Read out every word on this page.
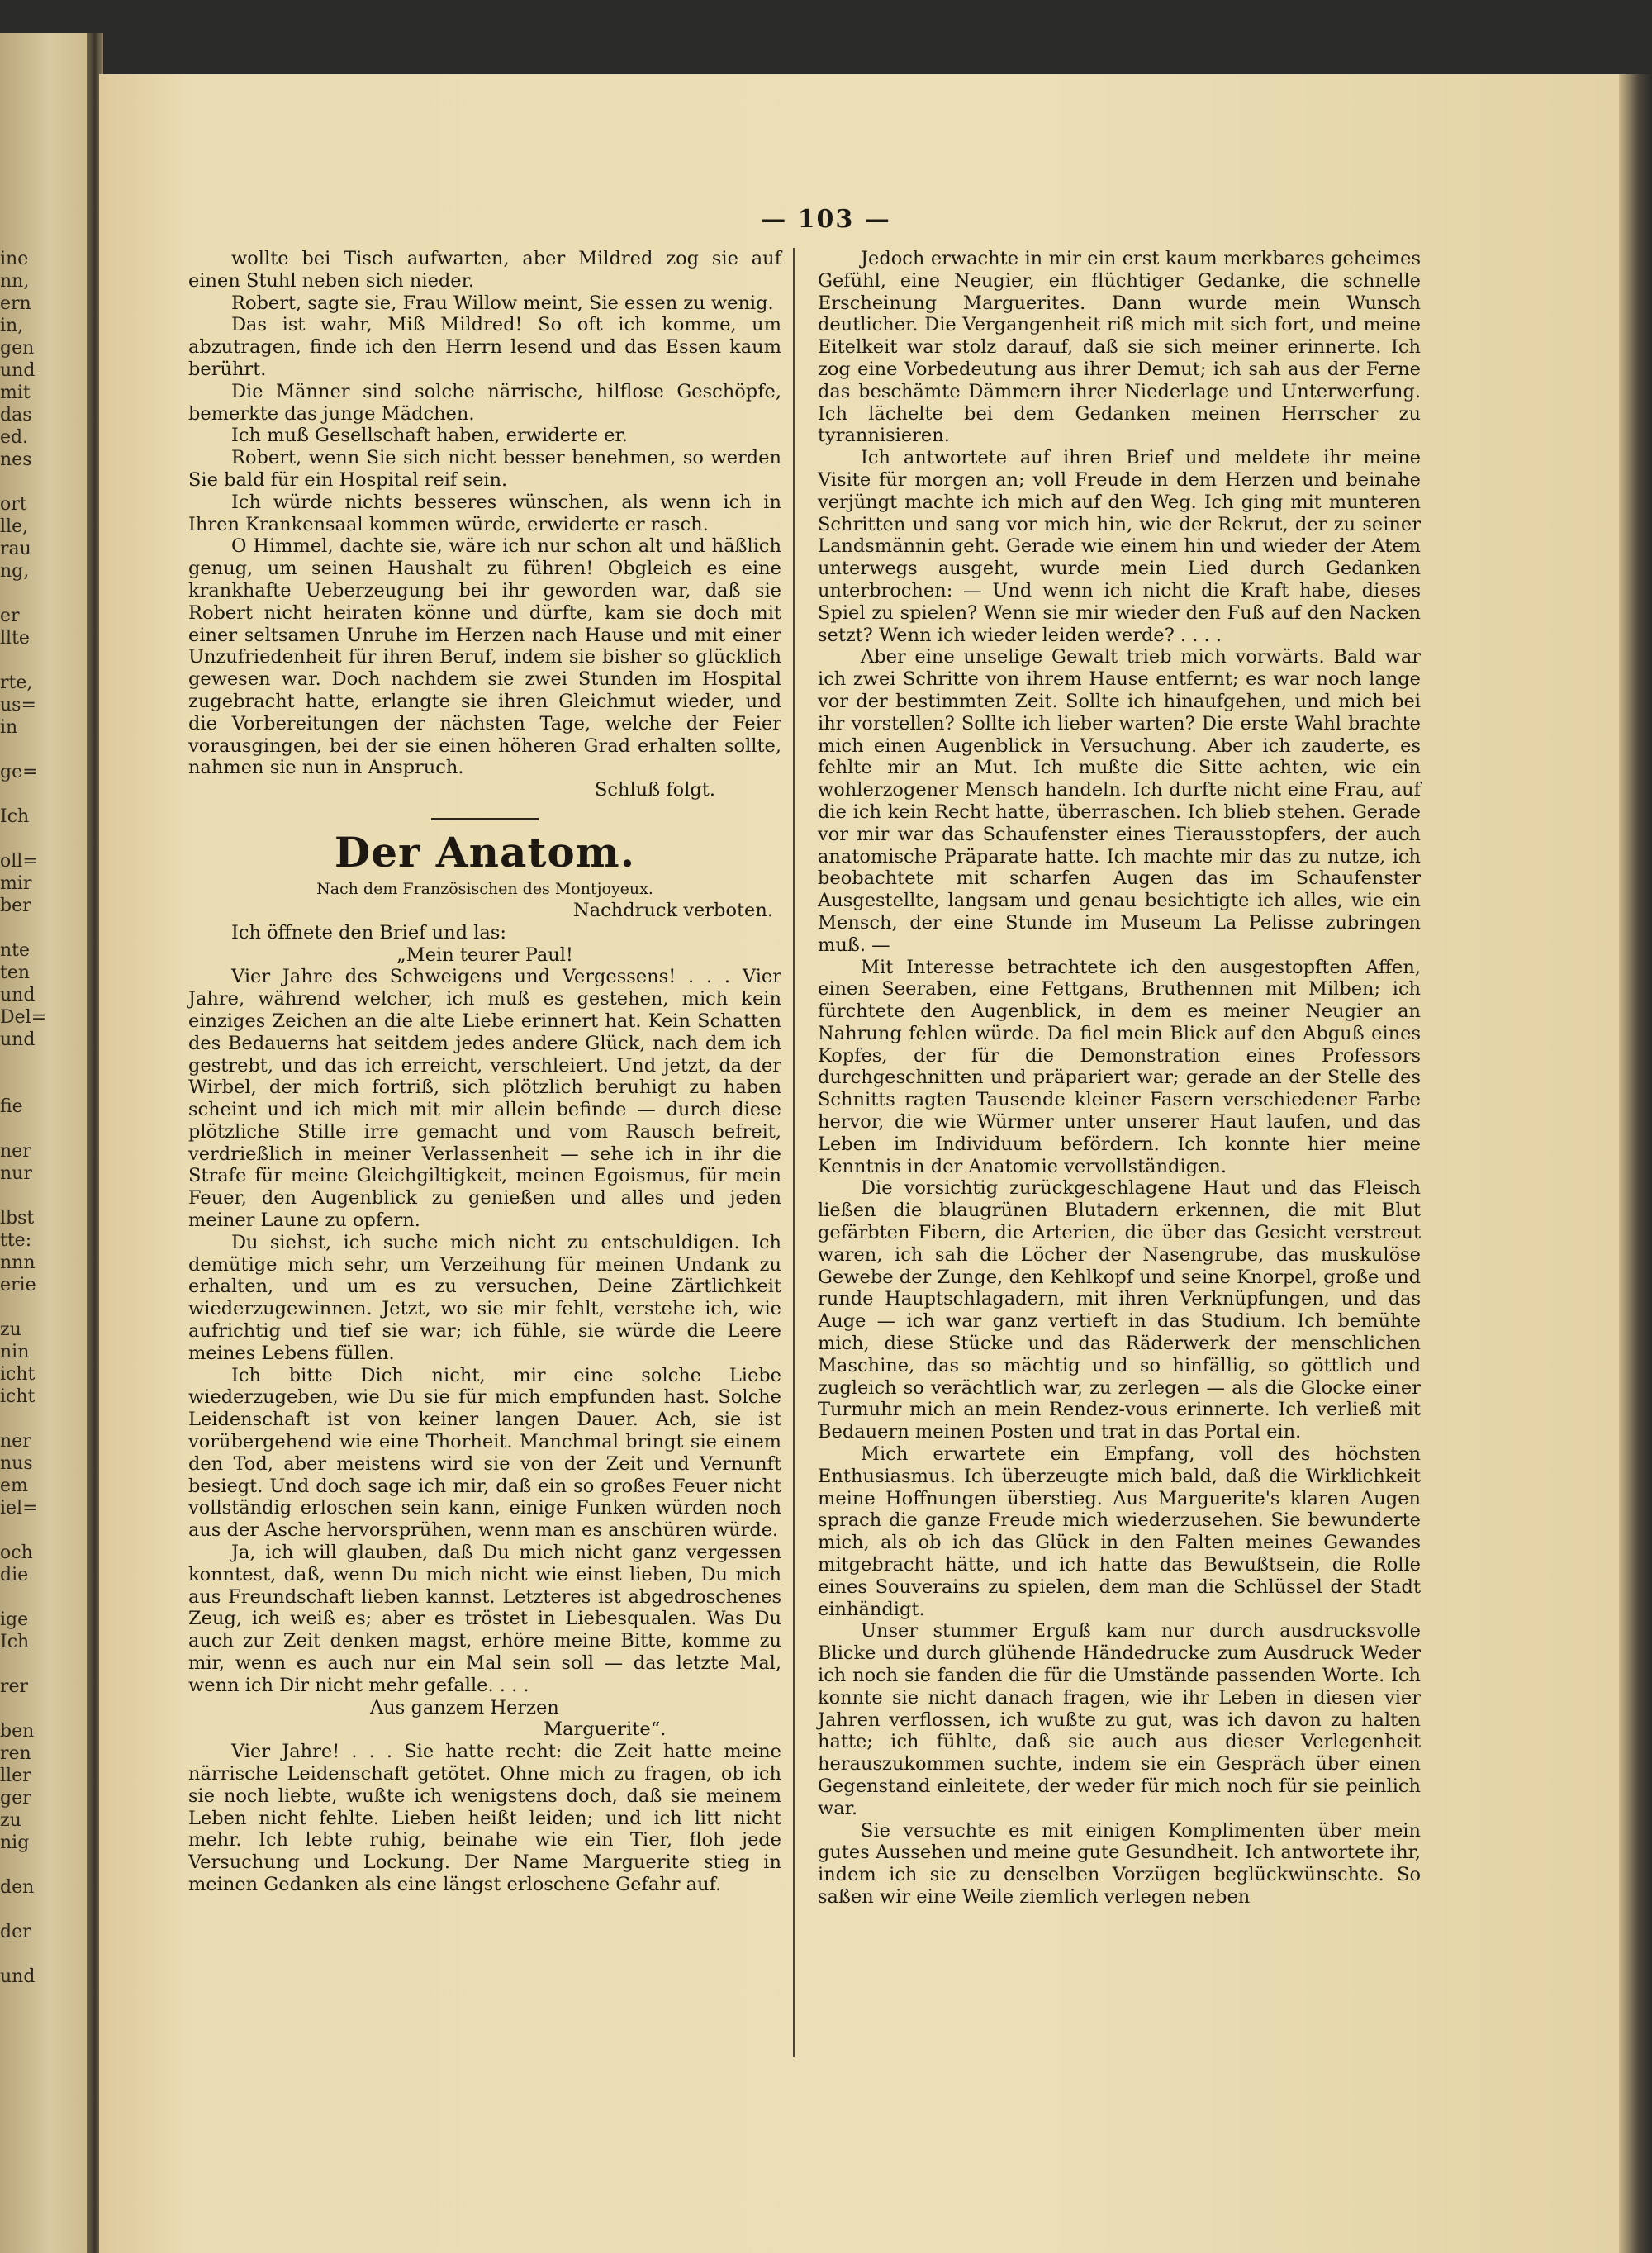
ine
nn,
ern
in,
gen
und
mit
das
ed.
nes

ort
lle,
rau
ng,

er
llte

rte,
us=
in

ge=

Ich

oll=
mir
ber

nte
ten
und
Del=
und

fie

ner
nur

lbst
tte:
nnn
erie

zu
nin
icht
icht

ner
nus
em
iel=

och
die

ige
Ich

rer

ben
ren
ller
ger
zu
nig

den

der

und
— 103 —

wollte bei Tisch aufwarten, aber Mildred zog sie auf einen Stuhl neben sich nieder.

Robert, sagte sie, Frau Willow meint, Sie essen zu wenig.

Das ist wahr, Miß Mildred! So oft ich komme, um abzutragen, finde ich den Herrn lesend und das Essen kaum berührt.

Die Männer sind solche närrische, hilflose Geschöpfe, bemerkte das junge Mädchen.

Ich muß Gesellschaft haben, erwiderte er.

Robert, wenn Sie sich nicht besser benehmen, so werden Sie bald für ein Hospital reif sein.

Ich würde nichts besseres wünschen, als wenn ich in Ihren Krankensaal kommen würde, erwiderte er rasch.

O Himmel, dachte sie, wäre ich nur schon alt und häßlich genug, um seinen Haushalt zu führen! Obgleich es eine krankhafte Ueberzeugung bei ihr geworden war, daß sie Robert nicht heiraten könne und dürfte, kam sie doch mit einer seltsamen Unruhe im Herzen nach Hause und mit einer Unzufriedenheit für ihren Beruf, indem sie bisher so glücklich gewesen war. Doch nachdem sie zwei Stunden im Hospital zugebracht hatte, erlangte sie ihren Gleichmut wieder, und die Vorbereitungen der nächsten Tage, welche der Feier vorausgingen, bei der sie einen höheren Grad erhalten sollte, nahmen sie nun in Anspruch.

Schluß folgt.

Der Anatom.
Nach dem Französischen des Montjoyeux.

Nachdruck verboten.

Ich öffnete den Brief und las:

„Mein teurer Paul!

Vier Jahre des Schweigens und Vergessens! . . . Vier Jahre, während welcher, ich muß es gestehen, mich kein einziges Zeichen an die alte Liebe erinnert hat. Kein Schatten des Bedauerns hat seitdem jedes andere Glück, nach dem ich gestrebt, und das ich erreicht, verschleiert. Und jetzt, da der Wirbel, der mich fortriß, sich plötzlich beruhigt zu haben scheint und ich mich mit mir allein befinde — durch diese plötzliche Stille irre gemacht und vom Rausch befreit, verdrießlich in meiner Verlassenheit — sehe ich in ihr die Strafe für meine Gleichgiltigkeit, meinen Egoismus, für mein Feuer, den Augenblick zu genießen und alles und jeden meiner Laune zu opfern.

Du siehst, ich suche mich nicht zu entschuldigen. Ich demütige mich sehr, um Verzeihung für meinen Undank zu erhalten, und um es zu versuchen, Deine Zärtlichkeit wiederzugewinnen. Jetzt, wo sie mir fehlt, verstehe ich, wie aufrichtig und tief sie war; ich fühle, sie würde die Leere meines Lebens füllen.

Ich bitte Dich nicht, mir eine solche Liebe wiederzugeben, wie Du sie für mich empfunden hast. Solche Leidenschaft ist von keiner langen Dauer. Ach, sie ist vorübergehend wie eine Thorheit. Manchmal bringt sie einem den Tod, aber meistens wird sie von der Zeit und Vernunft besiegt. Und doch sage ich mir, daß ein so großes Feuer nicht vollständig erloschen sein kann, einige Funken würden noch aus der Asche hervorsprühen, wenn man es anschüren würde.

Ja, ich will glauben, daß Du mich nicht ganz vergessen konntest, daß, wenn Du mich nicht wie einst lieben, Du mich aus Freundschaft lieben kannst. Letzteres ist abgedroschenes Zeug, ich weiß es; aber es tröstet in Liebesqualen. Was Du auch zur Zeit denken magst, erhöre meine Bitte, komme zu mir, wenn es auch nur ein Mal sein soll — das letzte Mal, wenn ich Dir nicht mehr gefalle. . . .

Aus ganzem Herzen

Marguerite“.

Vier Jahre! . . . Sie hatte recht: die Zeit hatte meine närrische Leidenschaft getötet. Ohne mich zu fragen, ob ich sie noch liebte, wußte ich wenigstens doch, daß sie meinem Leben nicht fehlte. Lieben heißt leiden; und ich litt nicht mehr. Ich lebte ruhig, beinahe wie ein Tier, floh jede Versuchung und Lockung. Der Name Marguerite stieg in meinen Gedanken als eine längst erloschene Gefahr auf.

Jedoch erwachte in mir ein erst kaum merkbares geheimes Gefühl, eine Neugier, ein flüchtiger Gedanke, die schnelle Erscheinung Marguerites. Dann wurde mein Wunsch deutlicher. Die Vergangenheit riß mich mit sich fort, und meine Eitelkeit war stolz darauf, daß sie sich meiner erinnerte. Ich zog eine Vorbedeutung aus ihrer Demut; ich sah aus der Ferne das beschämte Dämmern ihrer Niederlage und Unterwerfung. Ich lächelte bei dem Gedanken meinen Herrscher zu tyrannisieren.

Ich antwortete auf ihren Brief und meldete ihr meine Visite für morgen an; voll Freude in dem Herzen und beinahe verjüngt machte ich mich auf den Weg. Ich ging mit munteren Schritten und sang vor mich hin, wie der Rekrut, der zu seiner Landsmännin geht. Gerade wie einem hin und wieder der Atem unterwegs ausgeht, wurde mein Lied durch Gedanken unterbrochen: — Und wenn ich nicht die Kraft habe, dieses Spiel zu spielen? Wenn sie mir wieder den Fuß auf den Nacken setzt? Wenn ich wieder leiden werde? . . . .

Aber eine unselige Gewalt trieb mich vorwärts. Bald war ich zwei Schritte von ihrem Hause entfernt; es war noch lange vor der bestimmten Zeit. Sollte ich hinaufgehen, und mich bei ihr vorstellen? Sollte ich lieber warten? Die erste Wahl brachte mich einen Augenblick in Versuchung. Aber ich zauderte, es fehlte mir an Mut. Ich mußte die Sitte achten, wie ein wohlerzogener Mensch handeln. Ich durfte nicht eine Frau, auf die ich kein Recht hatte, überraschen. Ich blieb stehen. Gerade vor mir war das Schaufenster eines Tierausstopfers, der auch anatomische Präparate hatte. Ich machte mir das zu nutze, ich beobachtete mit scharfen Augen das im Schaufenster Ausgestellte, langsam und genau besichtigte ich alles, wie ein Mensch, der eine Stunde im Museum La Pelisse zubringen muß. —

Mit Interesse betrachtete ich den ausgestopften Affen, einen Seeraben, eine Fettgans, Bruthennen mit Milben; ich fürchtete den Augenblick, in dem es meiner Neugier an Nahrung fehlen würde. Da fiel mein Blick auf den Abguß eines Kopfes, der für die Demonstration eines Professors durchgeschnitten und präpariert war; gerade an der Stelle des Schnitts ragten Tausende kleiner Fasern verschiedener Farbe hervor, die wie Würmer unter unserer Haut laufen, und das Leben im Individuum befördern. Ich konnte hier meine Kenntnis in der Anatomie vervollständigen.

Die vorsichtig zurückgeschlagene Haut und das Fleisch ließen die blaugrünen Blutadern erkennen, die mit Blut gefärbten Fibern, die Arterien, die über das Gesicht verstreut waren, ich sah die Löcher der Nasengrube, das muskulöse Gewebe der Zunge, den Kehlkopf und seine Knorpel, große und runde Hauptschlagadern, mit ihren Verknüpfungen, und das Auge — ich war ganz vertieft in das Studium. Ich bemühte mich, diese Stücke und das Räderwerk der menschlichen Maschine, das so mächtig und so hinfällig, so göttlich und zugleich so verächtlich war, zu zerlegen — als die Glocke einer Turmuhr mich an mein Rendez-vous erinnerte. Ich verließ mit Bedauern meinen Posten und trat in das Portal ein.

Mich erwartete ein Empfang, voll des höchsten Enthusiasmus. Ich überzeugte mich bald, daß die Wirklichkeit meine Hoffnungen überstieg. Aus Marguerite's klaren Augen sprach die ganze Freude mich wiederzusehen. Sie bewunderte mich, als ob ich das Glück in den Falten meines Gewandes mitgebracht hätte, und ich hatte das Bewußtsein, die Rolle eines Souverains zu spielen, dem man die Schlüssel der Stadt einhändigt.

Unser stummer Erguß kam nur durch ausdrucksvolle Blicke und durch glühende Händedrucke zum Ausdruck Weder ich noch sie fanden die für die Umstände passenden Worte. Ich konnte sie nicht danach fragen, wie ihr Leben in diesen vier Jahren verflossen, ich wußte zu gut, was ich davon zu halten hatte; ich fühlte, daß sie auch aus dieser Verlegenheit herauszukommen suchte, indem sie ein Gespräch über einen Gegenstand einleitete, der weder für mich noch für sie peinlich war.

Sie versuchte es mit einigen Komplimenten über mein gutes Aussehen und meine gute Gesundheit. Ich antwortete ihr, indem ich sie zu denselben Vorzügen beglückwünschte. So saßen wir eine Weile ziemlich verlegen neben
